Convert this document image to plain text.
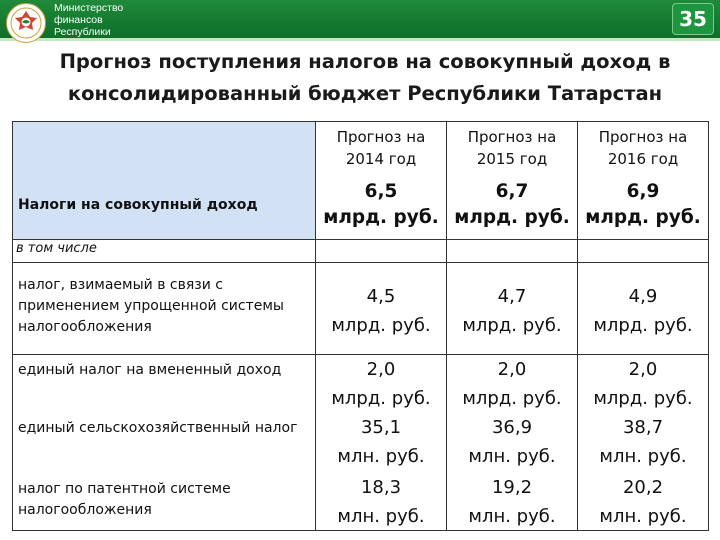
Министерство
финансов
Республики
35
Прогноз поступления налогов на совокупный доход в консолидированный бюджет Республики Татарстан
Прогноз на 2014 год
Прогноз на 2015 год
Прогноз на 2016 год
Налоги на совокупный доход
6,5
млрд. руб.
6,7
млрд. руб.
6,9
млрд. руб.
в том числе
налог, взимаемый в связи с применением упрощенной системы налогообложения
4,5
млрд. руб.
4,7
млрд. руб.
4,9
млрд. руб.
единый налог на вмененный доход	2,0
млрд. руб.
2,0
млрд. руб.
2,0
млрд. руб.
единый сельскохозяйственный налог	35,1
млн. руб.
36,9
млн. руб.
38,7
млн. руб.
налог по патентной системе налогообложения
18,3
млн. руб.
19,2
млн. руб.
20,2
млн. руб.
